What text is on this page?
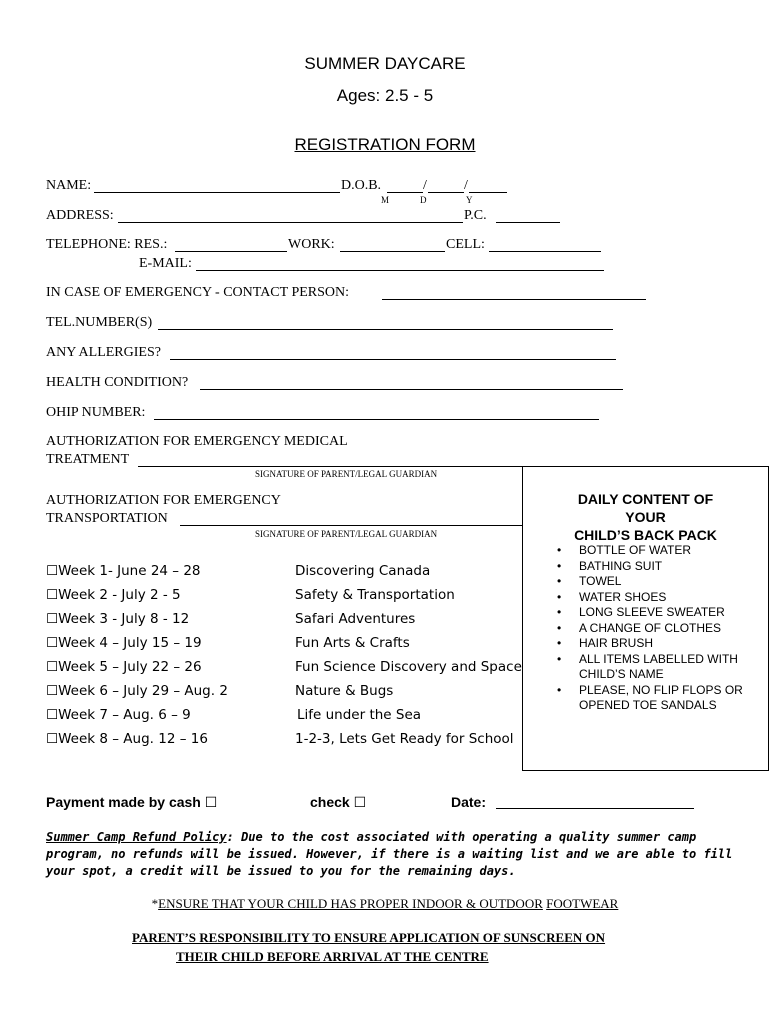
SUMMER DAYCARE
Ages: 2.5 - 5
REGISTRATION FORM
NAME:	D.O.B.	/	/
M	D	Y
ADDRESS:	P.C.
TELEPHONE: RES.:	WORK:	CELL:
E-MAIL:
IN CASE OF EMERGENCY - CONTACT PERSON:
TEL.NUMBER(S)
ANY ALLERGIES?
HEALTH CONDITION?
OHIP NUMBER:
AUTHORIZATION FOR EMERGENCY MEDICAL
TREATMENT
SIGNATURE OF PARENT/LEGAL GUARDIAN
AUTHORIZATION FOR EMERGENCY
TRANSPORTATION
SIGNATURE OF PARENT/LEGAL GUARDIAN
☐Week 1- June 24 – 28	Discovering Canada
☐Week 2 - July 2 - 5	Safety & Transportation
☐Week 3 - July 8 - 12	Safari Adventures
☐Week 4 – July 15 – 19	Fun Arts & Crafts
☐Week 5 – July 22 – 26	Fun Science Discovery and Space
☐Week 6 – July 29 – Aug. 2	Nature & Bugs
☐Week 7 – Aug. 6 – 9	Life under the Sea
☐Week 8 – Aug. 12 – 16	1-2-3, Lets Get Ready for School
DAILY CONTENT OF
YOUR
CHILD’S BACK PACK
• BOTTLE OF WATER
• BATHING SUIT
• TOWEL
• WATER SHOES
• LONG SLEEVE SWEATER
• A CHANGE OF CLOTHES
• HAIR BRUSH
• ALL ITEMS LABELLED WITH CHILD’S NAME
• PLEASE, NO FLIP FLOPS OR OPENED TOE SANDALS
Payment made by cash ☐	check ☐	Date:
Summer Camp Refund Policy: Due to the cost associated with operating a quality summer camp program, no refunds will be issued. However, if there is a waiting list and we are able to fill your spot, a credit will be issued to you for the remaining days.
*ENSURE THAT YOUR CHILD HAS PROPER INDOOR & OUTDOOR FOOTWEAR
PARENT’S RESPONSIBILITY TO ENSURE APPLICATION OF SUNSCREEN ON
THEIR CHILD BEFORE ARRIVAL AT THE CENTRE
